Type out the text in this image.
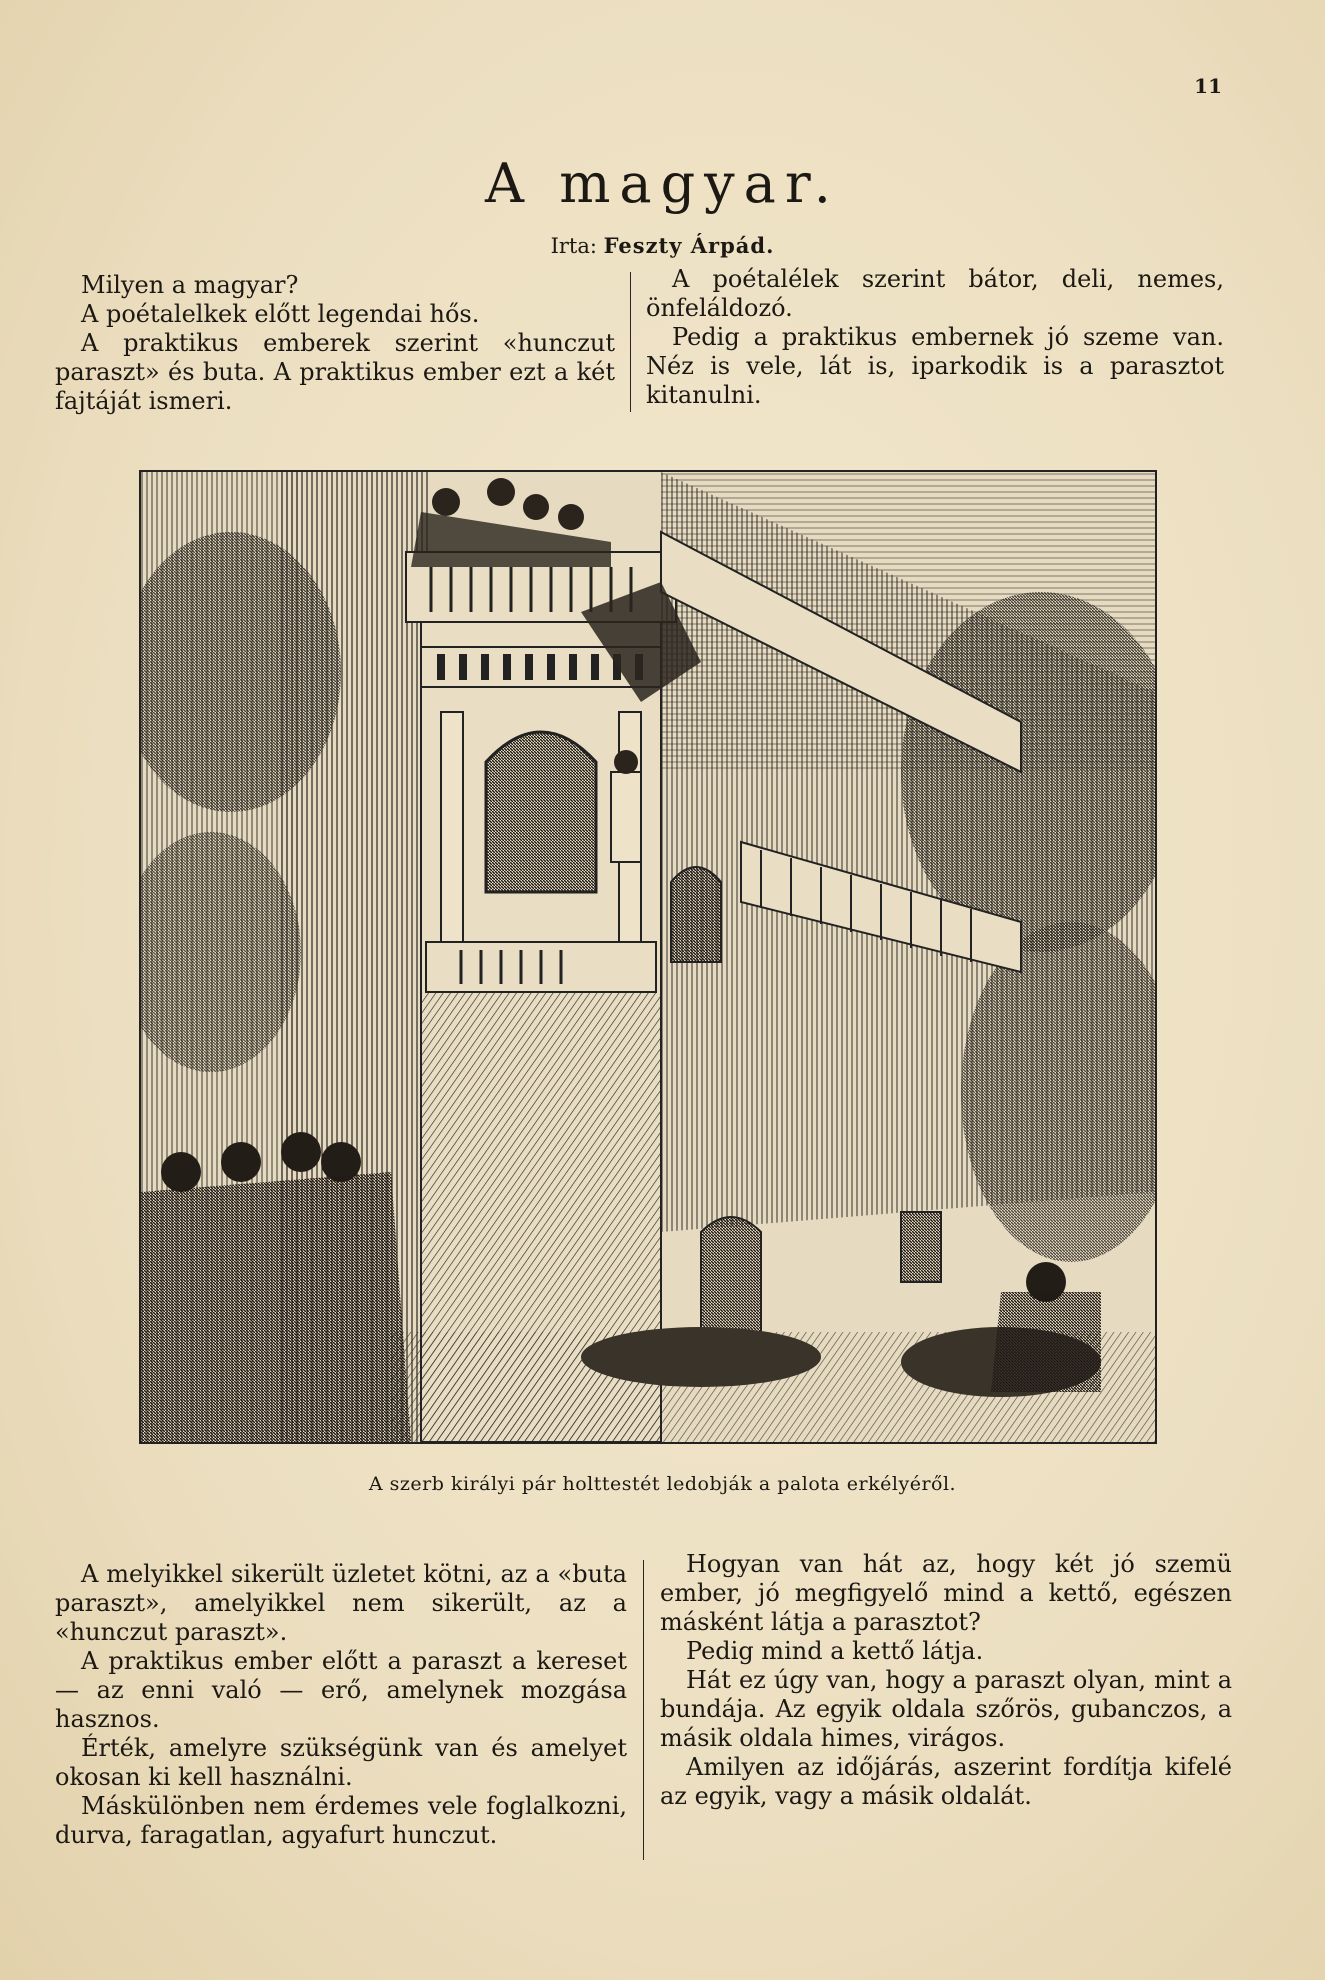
11
A magyar.
Irta: Feszty Árpád.

Milyen a magyar?

A poétalelkek előtt legendai hős.

A praktikus emberek szerint «hunczut paraszt» és buta. A praktikus ember ezt a két fajtáját ismeri.

A poétalélek szerint bátor, deli, nemes, önfeláldozó.

Pedig a praktikus embernek jó szeme van. Néz is vele, lát is, iparkodik is a parasztot kitanulni.

A szerb királyi pár holttestét ledobják a palota erkélyéről.

A melyikkel sikerült üzletet kötni, az a «buta paraszt», amelyikkel nem sikerült, az a «hunczut paraszt».

A praktikus ember előtt a paraszt a kereset — az enni való — erő, amelynek mozgása hasznos.

Érték, amelyre szükségünk van és amelyet okosan ki kell használni.

Máskülönben nem érdemes vele foglalkozni, durva, faragatlan, agyafurt hunczut.

Hogyan van hát az, hogy két jó szemü ember, jó megfigyelő mind a kettő, egészen másként látja a parasztot?

Pedig mind a kettő látja.

Hát ez úgy van, hogy a paraszt olyan, mint a bundája. Az egyik oldala szőrös, gubanczos, a másik oldala himes, virágos.

Amilyen az időjárás, aszerint fordítja kifelé az egyik, vagy a másik oldalát.
